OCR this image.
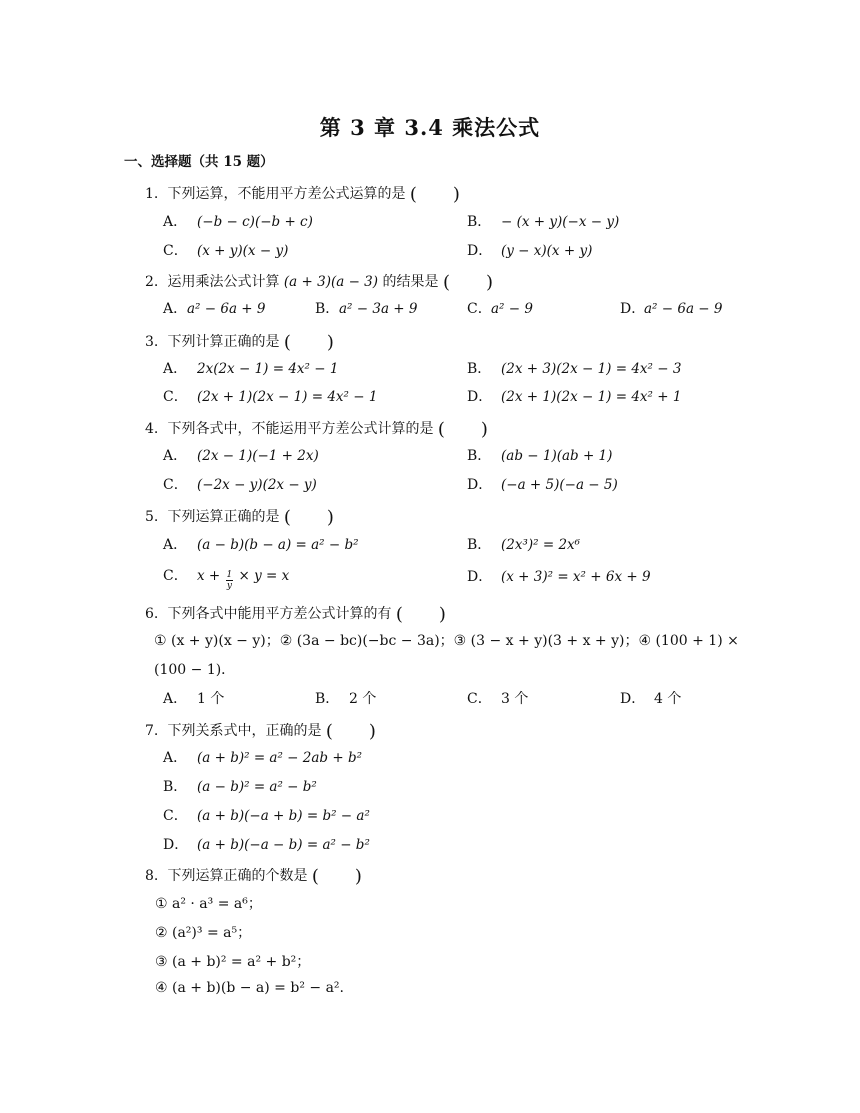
第 3 章 3.4 乘法公式
一、选择题（共 15 题）
1. 下列运算，不能用平方差公式运算的是 (　　)
A． (−b − c)(−b + c)	B． − (x + y)(−x − y)
C． (x + y)(x − y)	D． (y − x)(x + y)
2. 运用乘法公式计算 (a + 3)(a − 3) 的结果是 (　　)
A．a² − 6a + 9	B．a² − 3a + 9	C．a² − 9	D．a² − 6a − 9
3. 下列计算正确的是 (　　)
A． 2x(2x − 1) = 4x² − 1	B． (2x + 3)(2x − 1) = 4x² − 3
C． (2x + 1)(2x − 1) = 4x² − 1	D． (2x + 1)(2x − 1) = 4x² + 1
4. 下列各式中，不能运用平方差公式计算的是 (　　)
A． (2x − 1)(−1 + 2x)	B． (ab − 1)(ab + 1)
C． (−2x − y)(2x − y)	D． (−a + 5)(−a − 5)
5. 下列运算正确的是 (　　)
A． (a − b)(b − a) = a² − b²	B． (2x³)² = 2x⁶
C． $x + \frac{1}{y} \times y = x$	D． (x + 3)² = x² + 6x + 9
6. 下列各式中能用平方差公式计算的有 (　　)
① (x + y)(x − y)；② (3a − bc)(−bc − 3a)；③ (3 − x + y)(3 + x + y)；④ (100 + 1) ×
(100 − 1)．
A． 1 个	B． 2 个	C． 3 个	D． 4 个
7. 下列关系式中，正确的是 (　　)
A． (a + b)² = a² − 2ab + b²
B． (a − b)² = a² − b²
C． (a + b)(−a + b) = b² − a²
D． (a + b)(−a − b) = a² − b²
8. 下列运算正确的个数是 (　　)
① a² · a³ = a⁶；
② (a²)³ = a⁵；
③ (a + b)² = a² + b²；
④ (a + b)(b − a) = b² − a².
